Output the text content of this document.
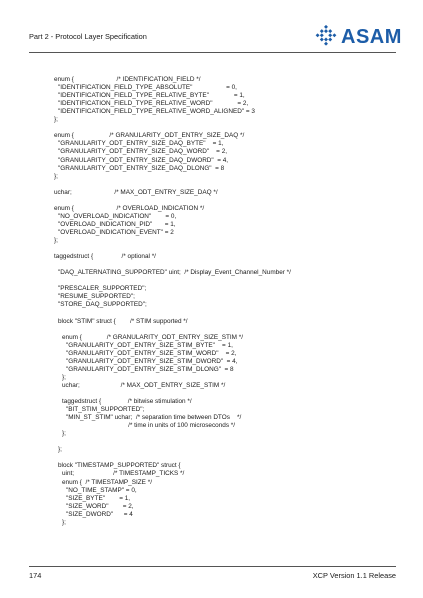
Part 2 - Protocol Layer Specification	ASAM
enum {                        /* IDENTIFICATION_FIELD */
"IDENTIFICATION_FIELD_TYPE_ABSOLUTE"                   = 0,
"IDENTIFICATION_FIELD_TYPE_RELATIVE_BYTE"              = 1,
"IDENTIFICATION_FIELD_TYPE_RELATIVE_WORD"              = 2,
"IDENTIFICATION_FIELD_TYPE_RELATIVE_WORD_ALIGNED" = 3
};
enum {                    /* GRANULARITY_ODT_ENTRY_SIZE_DAQ */
"GRANULARITY_ODT_ENTRY_SIZE_DAQ_BYTE"    = 1,
"GRANULARITY_ODT_ENTRY_SIZE_DAQ_WORD"    = 2,
"GRANULARITY_ODT_ENTRY_SIZE_DAQ_DWORD"  = 4,
"GRANULARITY_ODT_ENTRY_SIZE_DAQ_DLONG"  = 8
};
uchar;                        /* MAX_ODT_ENTRY_SIZE_DAQ */
enum {                        /* OVERLOAD_INDICATION */
"NO_OVERLOAD_INDICATION"        = 0,
"OVERLOAD_INDICATION_PID"       = 1,
"OVERLOAD_INDICATION_EVENT" = 2
};
taggedstruct {                /* optional */
"DAQ_ALTERNATING_SUPPORTED" uint;  /* Display_Event_Channel_Number */
"PRESCALER_SUPPORTED";
"RESUME_SUPPORTED";
"STORE_DAQ_SUPPORTED";
block "STIM" struct {        /* STIM supported */
enum {              /* GRANULARITY_ODT_ENTRY_SIZE_STIM */
"GRANULARITY_ODT_ENTRY_SIZE_STIM_BYTE"    = 1,
"GRANULARITY_ODT_ENTRY_SIZE_STIM_WORD"    = 2,
"GRANULARITY_ODT_ENTRY_SIZE_STIM_DWORD"  = 4,
"GRANULARITY_ODT_ENTRY_SIZE_STIM_DLONG"  = 8
};
uchar;                       /* MAX_ODT_ENTRY_SIZE_STIM */
taggedstruct {               /* bitwise stimulation */
"BIT_STIM_SUPPORTED";
"MIN_ST_STIM" uchar;  /* separation time between DTOs    */
/* time in units of 100 microseconds */
};
};
block "TIMESTAMP_SUPPORTED" struct {
uint;                      /* TIMESTAMP_TICKS */
enum {  /* TIMESTAMP_SIZE */
"NO_TIME_STAMP" = 0,
"SIZE_BYTE"        = 1,
"SIZE_WORD"        = 2,
"SIZE_DWORD"      = 4
};
174	XCP Version 1.1 Release
